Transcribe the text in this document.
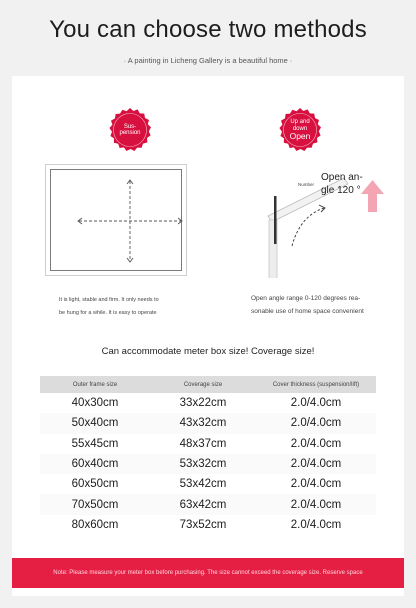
You can choose two methods
· A painting in Licheng Gallery is a beautiful home ·
Sus-
pension
Up and
down
Open
Number
Open an-
gle 120 °
It is light, stable and firm. It only needs to
be hung for a while. It is easy to operate
Open angle range 0-120 degrees rea-
sonable use of home space convenient
Can accommodate meter box size! Coverage size!
Outer frame size	Coverage size	Cover thickness (suspension/lift)
40x30cm	33x22cm	2.0/4.0cm
50x40cm	43x32cm	2.0/4.0cm
55x45cm	48x37cm	2.0/4.0cm
60x40cm	53x32cm	2.0/4.0cm
60x50cm	53x42cm	2.0/4.0cm
70x50cm	63x42cm	2.0/4.0cm
80x60cm	73x52cm	2.0/4.0cm
Note: Please measure your meter box before purchasing. The size cannot exceed the coverage size. Reserve space
